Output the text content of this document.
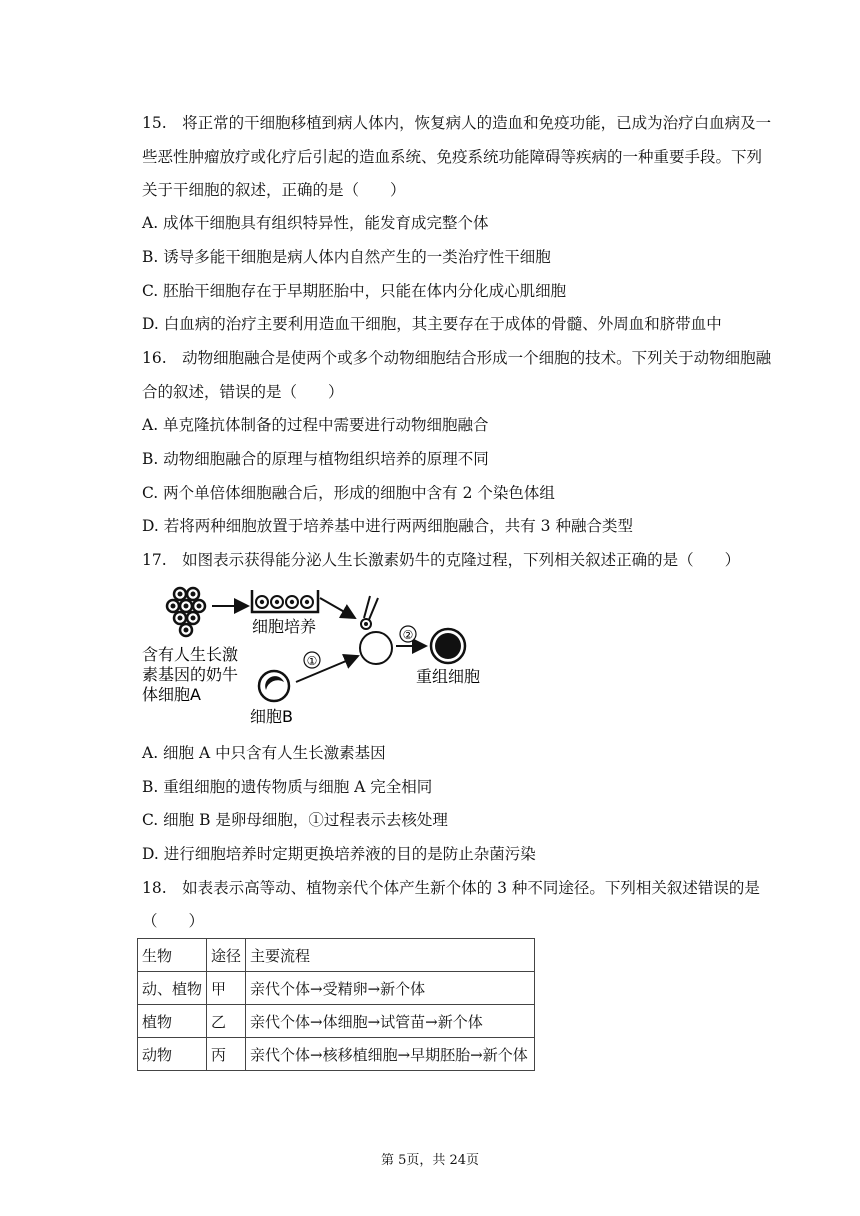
15.　将正常的干细胞移植到病人体内，恢复病人的造血和免疫功能，已成为治疗白血病及一
些恶性肿瘤放疗或化疗后引起的造血系统、免疫系统功能障碍等疾病的一种重要手段。下列
关于干细胞的叙述，正确的是（　　）
A. 成体干细胞具有组织特异性，能发育成完整个体
B. 诱导多能干细胞是病人体内自然产生的一类治疗性干细胞
C. 胚胎干细胞存在于早期胚胎中，只能在体内分化成心肌细胞
D. 白血病的治疗主要利用造血干细胞，其主要存在于成体的骨髓、外周血和脐带血中
16.　动物细胞融合是使两个或多个动物细胞结合形成一个细胞的技术。下列关于动物细胞融
合的叙述，错误的是（　　）
A. 单克隆抗体制备的过程中需要进行动物细胞融合
B. 动物细胞融合的原理与植物组织培养的原理不同
C. 两个单倍体细胞融合后，形成的细胞中含有 2 个染色体组
D. 若将两种细胞放置于培养基中进行两两细胞融合，共有 3 种融合类型
17.　如图表示获得能分泌人生长激素奶牛的克隆过程，下列相关叙述正确的是（　　）
细胞培养	②
重组细胞
含有人生长激
素基因的奶牛
体细胞A
细胞B
①
A. 细胞 A 中只含有人生长激素基因
B. 重组细胞的遗传物质与细胞 A 完全相同
C. 细胞 B 是卵母细胞，①过程表示去核处理
D. 进行细胞培养时定期更换培养液的目的是防止杂菌污染
18.　如表表示高等动、植物亲代个体产生新个体的 3 种不同途径。下列相关叙述错误的是
（　　）
生物	途径	主要流程
动、植物	甲	亲代个体→受精卵→新个体
植物	乙	亲代个体→体细胞→试管苗→新个体
动物	丙	亲代个体→核移植细胞→早期胚胎→新个体
第 5页，共 24页
